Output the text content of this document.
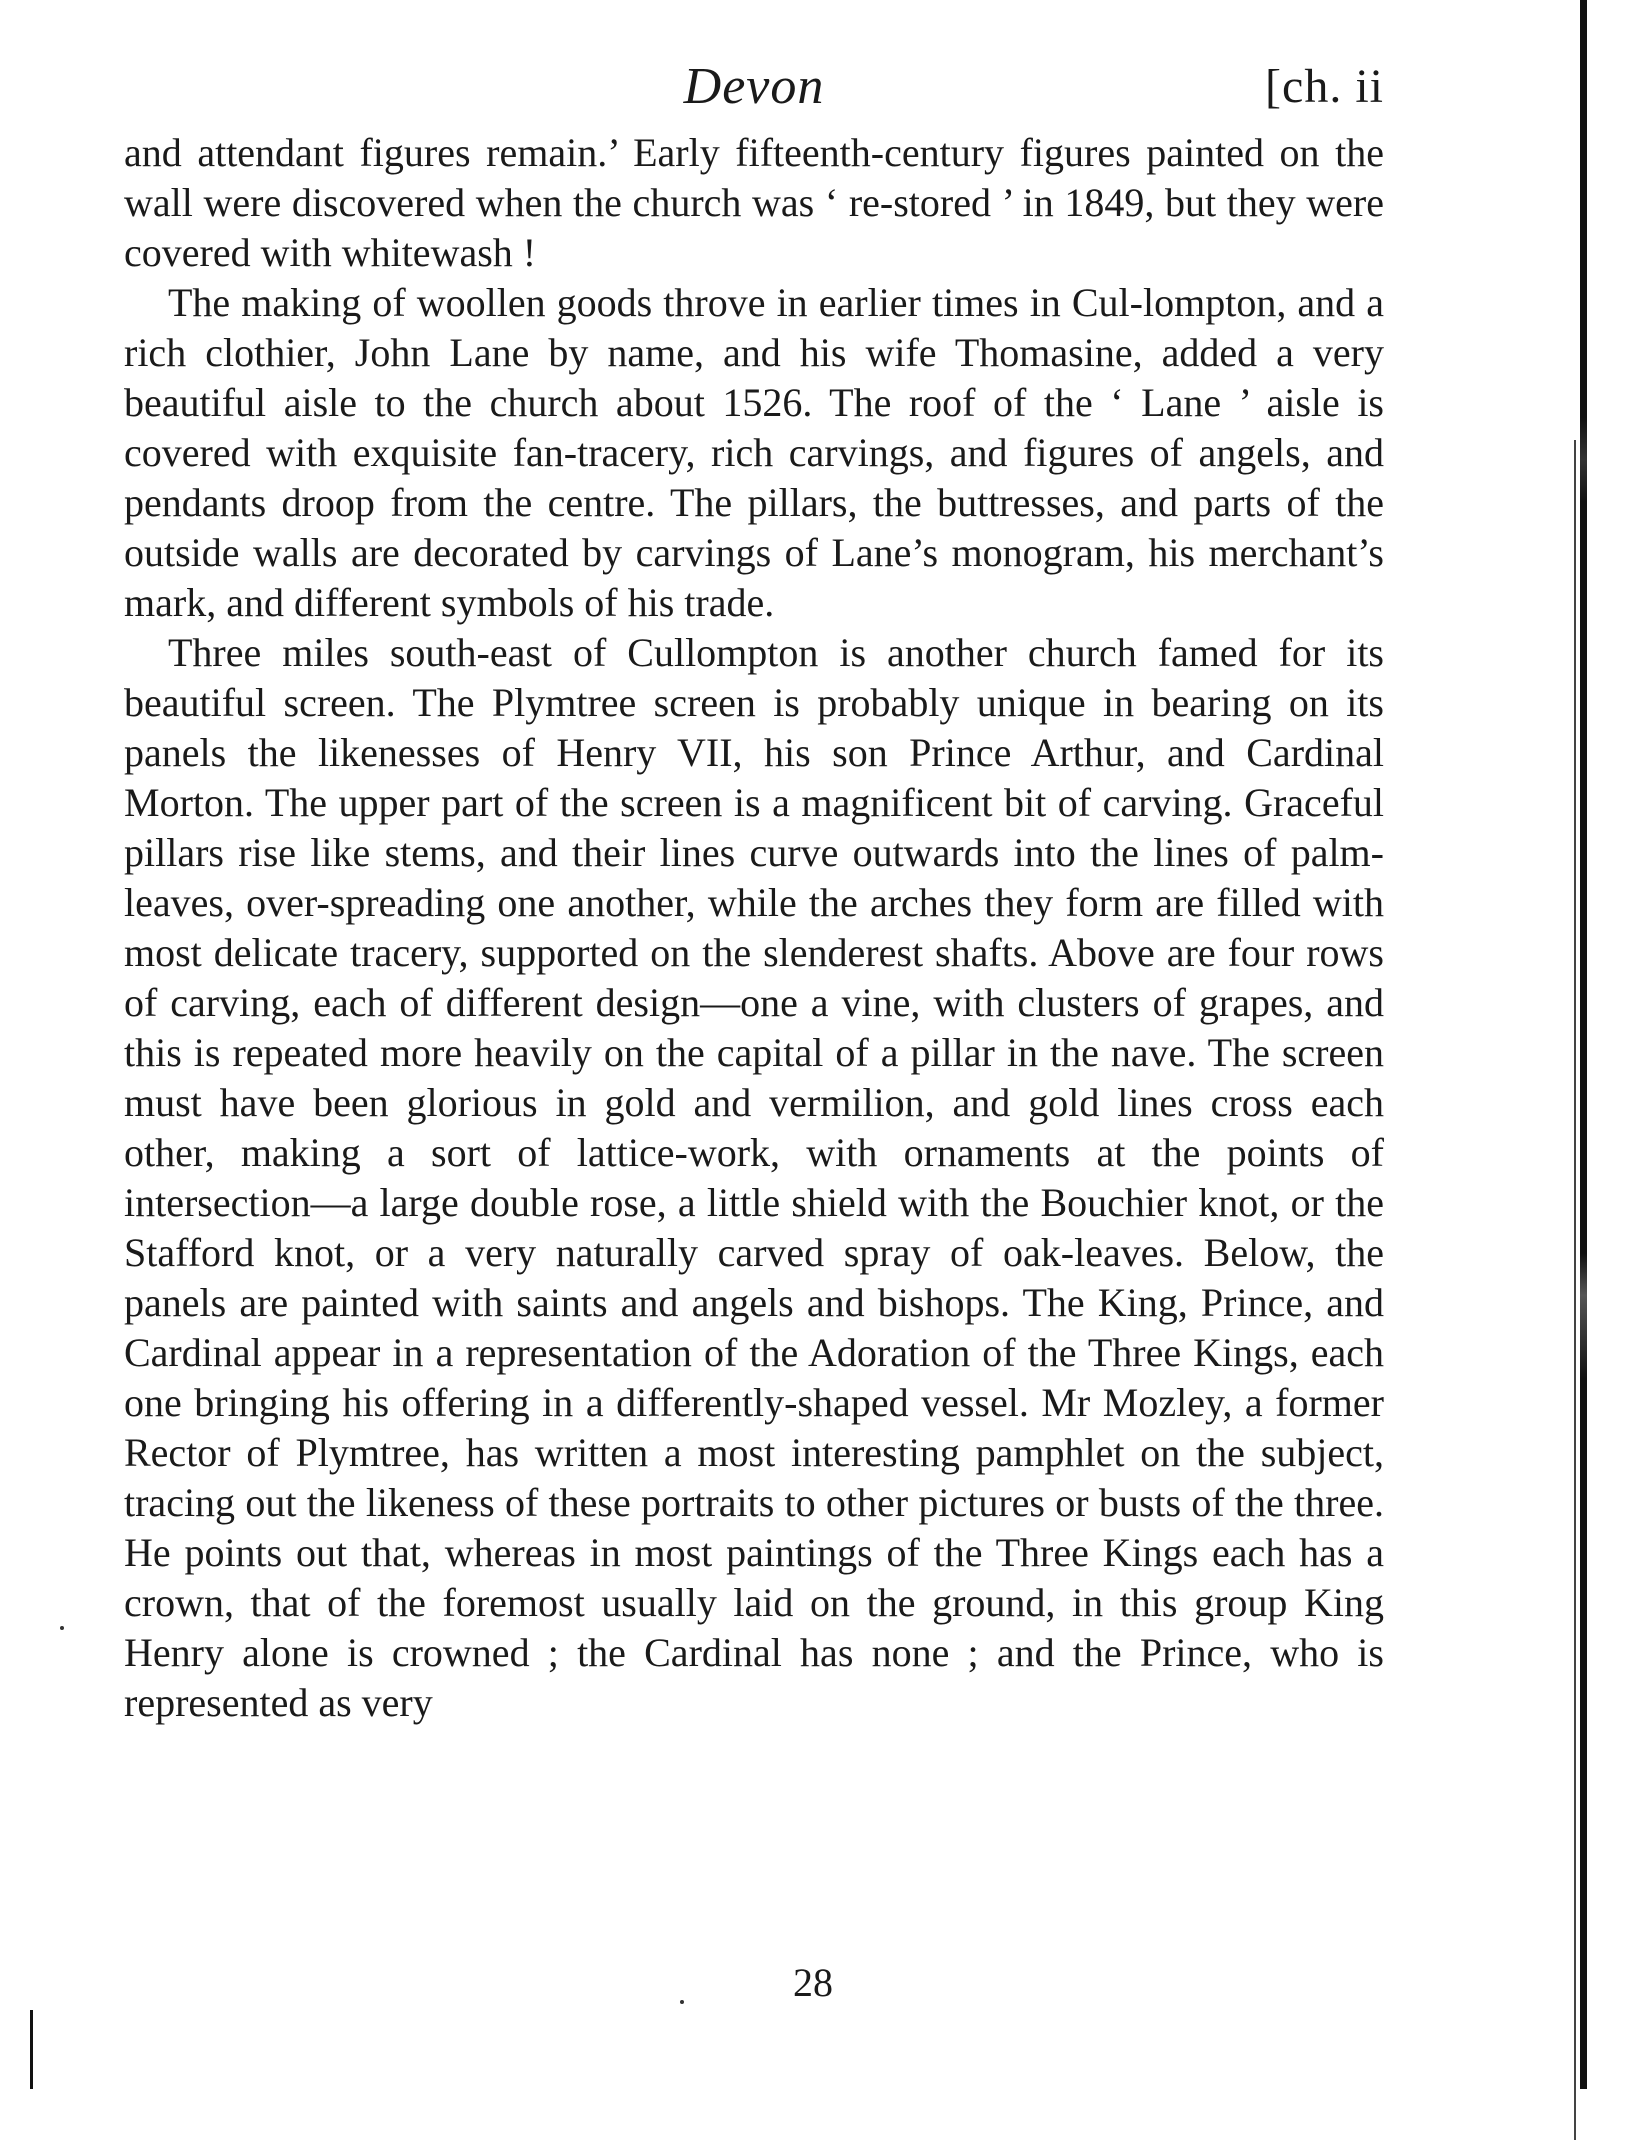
Devon	[ch. ii

and attendant figures remain.’ Early fifteenth-century figures painted on the wall were discovered when the church was ‘ re-stored ’ in 1849, but they were covered with whitewash !

The making of woollen goods throve in earlier times in Cul-lompton, and a rich clothier, John Lane by name, and his wife Thomasine, added a very beautiful aisle to the church about 1526. The roof of the ‘ Lane ’ aisle is covered with exquisite fan-tracery, rich carvings, and figures of angels, and pendants droop from the centre. The pillars, the buttresses, and parts of the outside walls are decorated by carvings of Lane’s monogram, his merchant’s mark, and different symbols of his trade.

Three miles south-east of Cullompton is another church famed for its beautiful screen. The Plymtree screen is probably unique in bearing on its panels the likenesses of Henry VII, his son Prince Arthur, and Cardinal Morton. The upper part of the screen is a magnificent bit of carving. Graceful pillars rise like stems, and their lines curve outwards into the lines of palm-leaves, over-spreading one another, while the arches they form are filled with most delicate tracery, supported on the slenderest shafts. Above are four rows of carving, each of different design—one a vine, with clusters of grapes, and this is repeated more heavily on the capital of a pillar in the nave. The screen must have been glorious in gold and vermilion, and gold lines cross each other, making a sort of lattice-work, with ornaments at the points of intersection—a large double rose, a little shield with the Bouchier knot, or the Stafford knot, or a very naturally carved spray of oak-leaves. Below, the panels are painted with saints and angels and bishops. The King, Prince, and Cardinal appear in a representation of the Adoration of the Three Kings, each one bringing his offering in a differently-shaped vessel. Mr Mozley, a former Rector of Plymtree, has written a most interesting pamphlet on the subject, tracing out the likeness of these portraits to other pictures or busts of the three. He points out that, whereas in most paintings of the Three Kings each has a crown, that of the foremost usually laid on the ground, in this group King Henry alone is crowned ; the Cardinal has none ; and the Prince, who is represented as very

28
